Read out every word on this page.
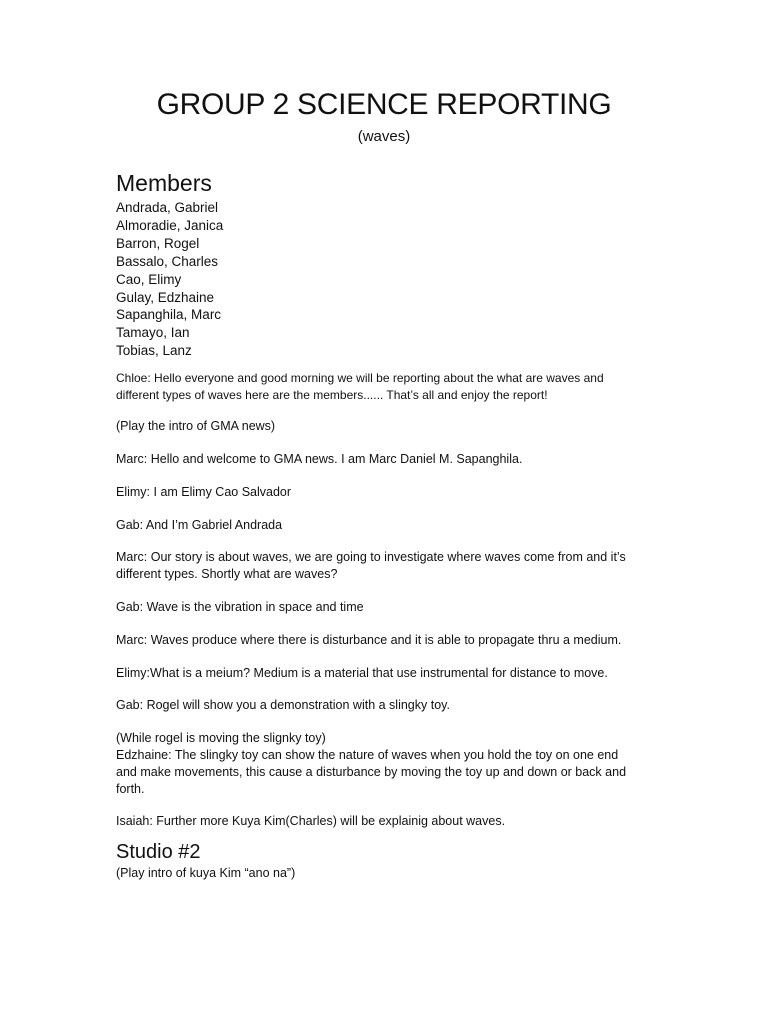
GROUP 2 SCIENCE REPORTING
(waves)
Members
Andrada, Gabriel
Almoradie, Janica
Barron, Rogel
Bassalo, Charles
Cao, Elimy
Gulay, Edzhaine
Sapanghila, Marc
Tamayo, Ian
Tobias, Lanz
Chloe: Hello everyone and good morning we will be reporting about the what are waves and
different types of waves here are the members...... That’s all and enjoy the report!

(Play the intro of GMA news)

Marc: Hello and welcome to GMA news. I am Marc Daniel M. Sapanghila.

Elimy: I am Elimy Cao Salvador

Gab: And I’m Gabriel Andrada

Marc: Our story is about waves, we are going to investigate where waves come from and it’s

different types. Shortly what are waves?

Gab: Wave is the vibration in space and time

Marc: Waves produce where there is disturbance and it is able to propagate thru a medium.

Elimy:What is a meium? Medium is a material that use instrumental for distance to move.

Gab: Rogel will show you a demonstration with a slingky toy.

(While rogel is moving the slignky toy)

Edzhaine: The slingky toy can show the nature of waves when you hold the toy on one end

and make movements, this cause a disturbance by moving the toy up and down or back and

forth.

Isaiah: Further more Kuya Kim(Charles) will be explainig about waves.

Studio #2

(Play intro of kuya Kim “ano na”)
